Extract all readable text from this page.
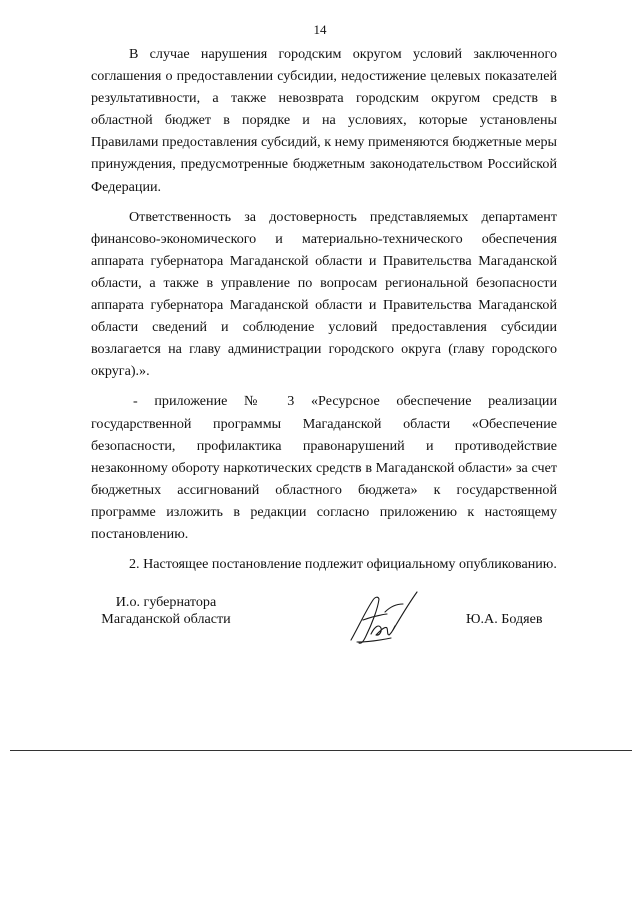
14

В случае нарушения городским округом условий заключенного соглашения о предоставлении субсидии, недостижение целевых показателей результативности, а также невозврата городским округом средств в областной бюджет в порядке и на условиях, которые установлены Правилами предоставления субсидий, к нему применяются бюджетные меры принуждения, предусмотренные бюджетным законодательством Российской Федерации.

Ответственность за достоверность представляемых департамент финансово-экономического и материально-технического обеспечения аппарата губернатора Магаданской области и Правительства Магаданской области, а также в управление по вопросам региональной безопасности аппарата губернатора Магаданской области и Правительства Магаданской области сведений и соблюдение условий предоставления субсидии возлагается на главу администрации городского округа (главу городского округа).».

- приложение № 3 «Ресурсное обеспечение реализации государственной программы Магаданской области «Обеспечение безопасности, профилактика правонарушений и противодействие незаконному обороту наркотических средств в Магаданской области» за счет бюджетных ассигнований областного бюджета» к государственной программе изложить в редакции согласно приложению к настоящему постановлению.

2. Настоящее постановление подлежит официальному опубликованию.

И.о. губернатора
Магаданской области	Ю.А. Бодяев
